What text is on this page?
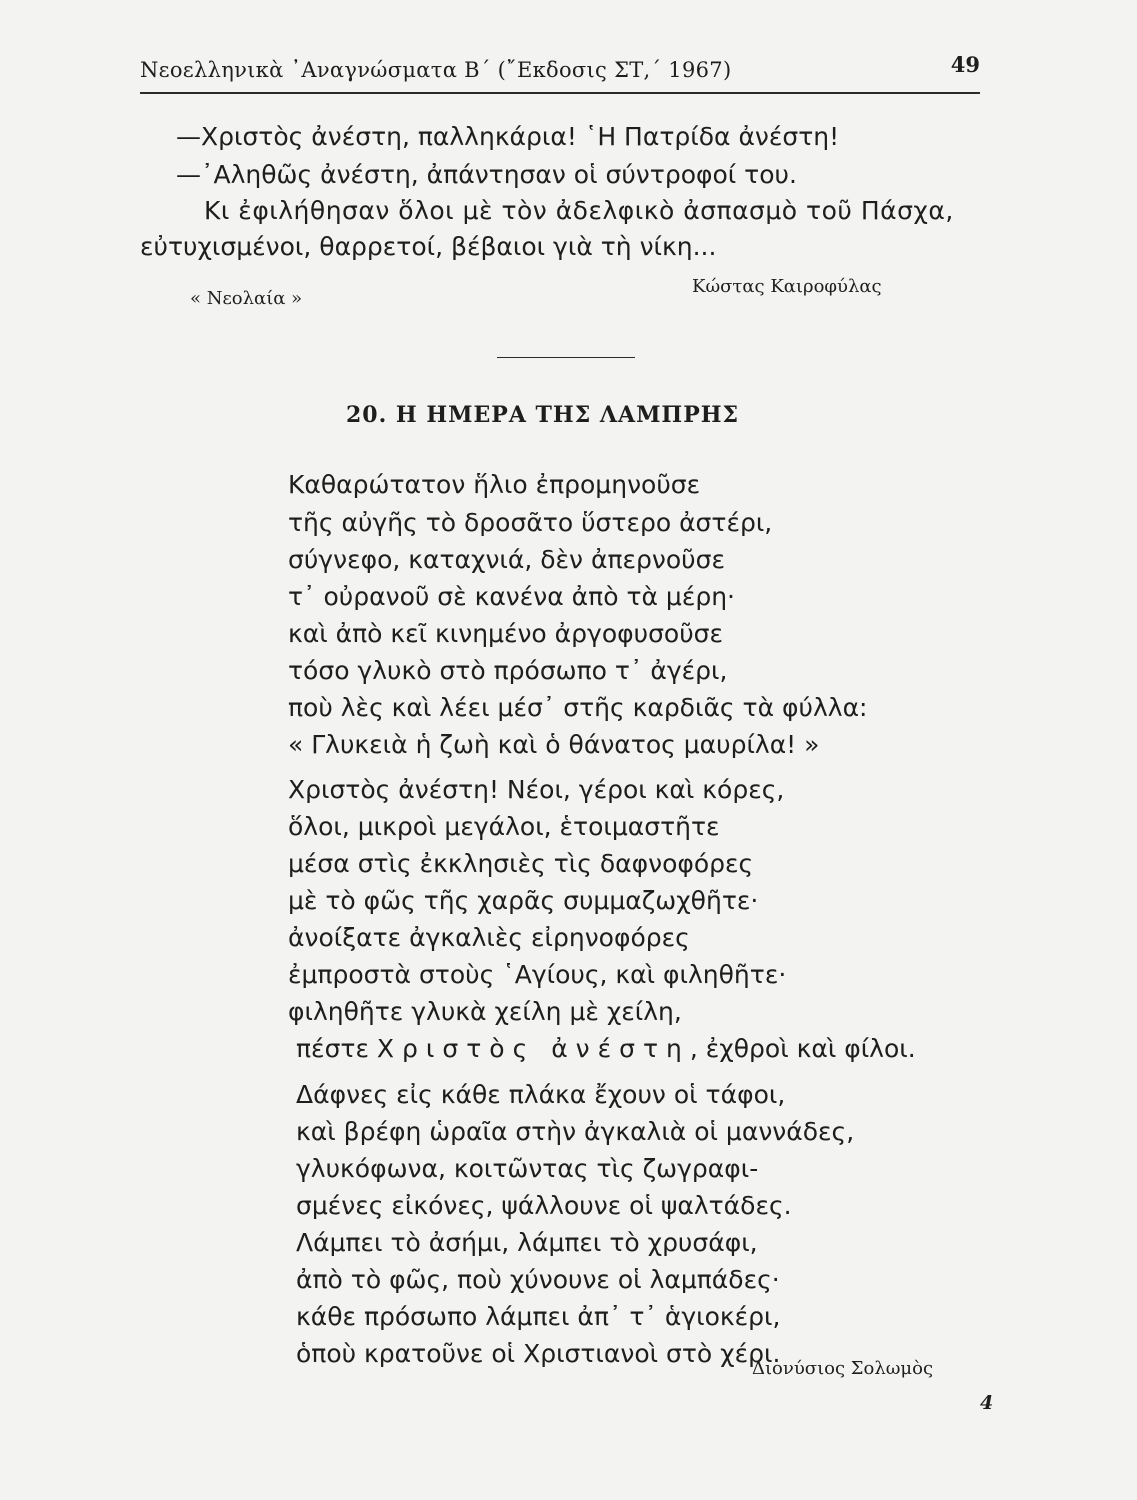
Νεοελληνικὰ ᾿Αναγνώσματα Β΄ (῎Εκδοσις ΣΤ,΄ 1967)	49
—Χριστὸς ἀνέστη, παλληκάρια! ῾Η Πατρίδα ἀνέστη!
—᾿Αληθῶς ἀνέστη, ἀπάντησαν οἱ σύντροφοί του.
Κι ἐφιλήθησαν ὅλοι μὲ τὸν ἀδελφικὸ ἀσπασμὸ τοῦ Πάσχα,
εὐτυχισμένοι, θαρρετοί, βέβαιοι γιὰ τὴ νίκη...
« Νεολαία »
Κώστας Καιροφύλας
20. Η ΗΜΕΡΑ ΤΗΣ ΛΑΜΠΡΗΣ
Καθαρώτατον ἥλιο ἐπρομηνοῦσε
τῆς αὐγῆς τὸ δροσᾶτο ὕστερο ἀστέρι,
σύγνεφο, καταχνιά, δὲν ἀπερνοῦσε
τ᾿ οὐρανοῦ σὲ κανένα ἀπὸ τὰ μέρη·
καὶ ἀπὸ κεῖ κινημένο ἀργοφυσοῦσε
τόσο γλυκὸ στὸ πρόσωπο τ᾿ ἀγέρι,
ποὺ λὲς καὶ λέει μέσ᾿ στῆς καρδιᾶς τὰ φύλλα:
« Γλυκειὰ ἡ ζωὴ καὶ ὁ θάνατος μαυρίλα! »
Χριστὸς ἀνέστη! Νέοι, γέροι καὶ κόρες,
ὅλοι, μικροὶ μεγάλοι, ἑτοιμαστῆτε
μέσα στὶς ἐκκλησιὲς τὶς δαφνοφόρες
μὲ τὸ φῶς τῆς χαρᾶς συμμαζωχθῆτε·
ἀνοίξατε ἀγκαλιὲς εἰρηνοφόρες
ἐμπροστὰ στοὺς ῾Αγίους, καὶ φιληθῆτε·
φιληθῆτε γλυκὰ χείλη μὲ χείλη,
πέστε Χριστὸς ἀνέστη, ἐχθροὶ καὶ φίλοι.
Δάφνες εἰς κάθε πλάκα ἔχουν οἱ τάφοι,
καὶ βρέφη ὡραῖα στὴν ἀγκαλιὰ οἱ μαννάδες,
γλυκόφωνα, κοιτῶντας τὶς ζωγραφι-
σμένες εἰκόνες, ψάλλουνε οἱ ψαλτάδες.
Λάμπει τὸ ἀσήμι, λάμπει τὸ χρυσάφι,
ἀπὸ τὸ φῶς, ποὺ χύνουνε οἱ λαμπάδες·
κάθε πρόσωπο λάμπει ἀπ᾿ τ᾿ ἁγιοκέρι,
ὁποὺ κρατοῦνε οἱ Χριστιανοὶ στὸ χέρι.
Διονύσιος Σολωμὸς
4
